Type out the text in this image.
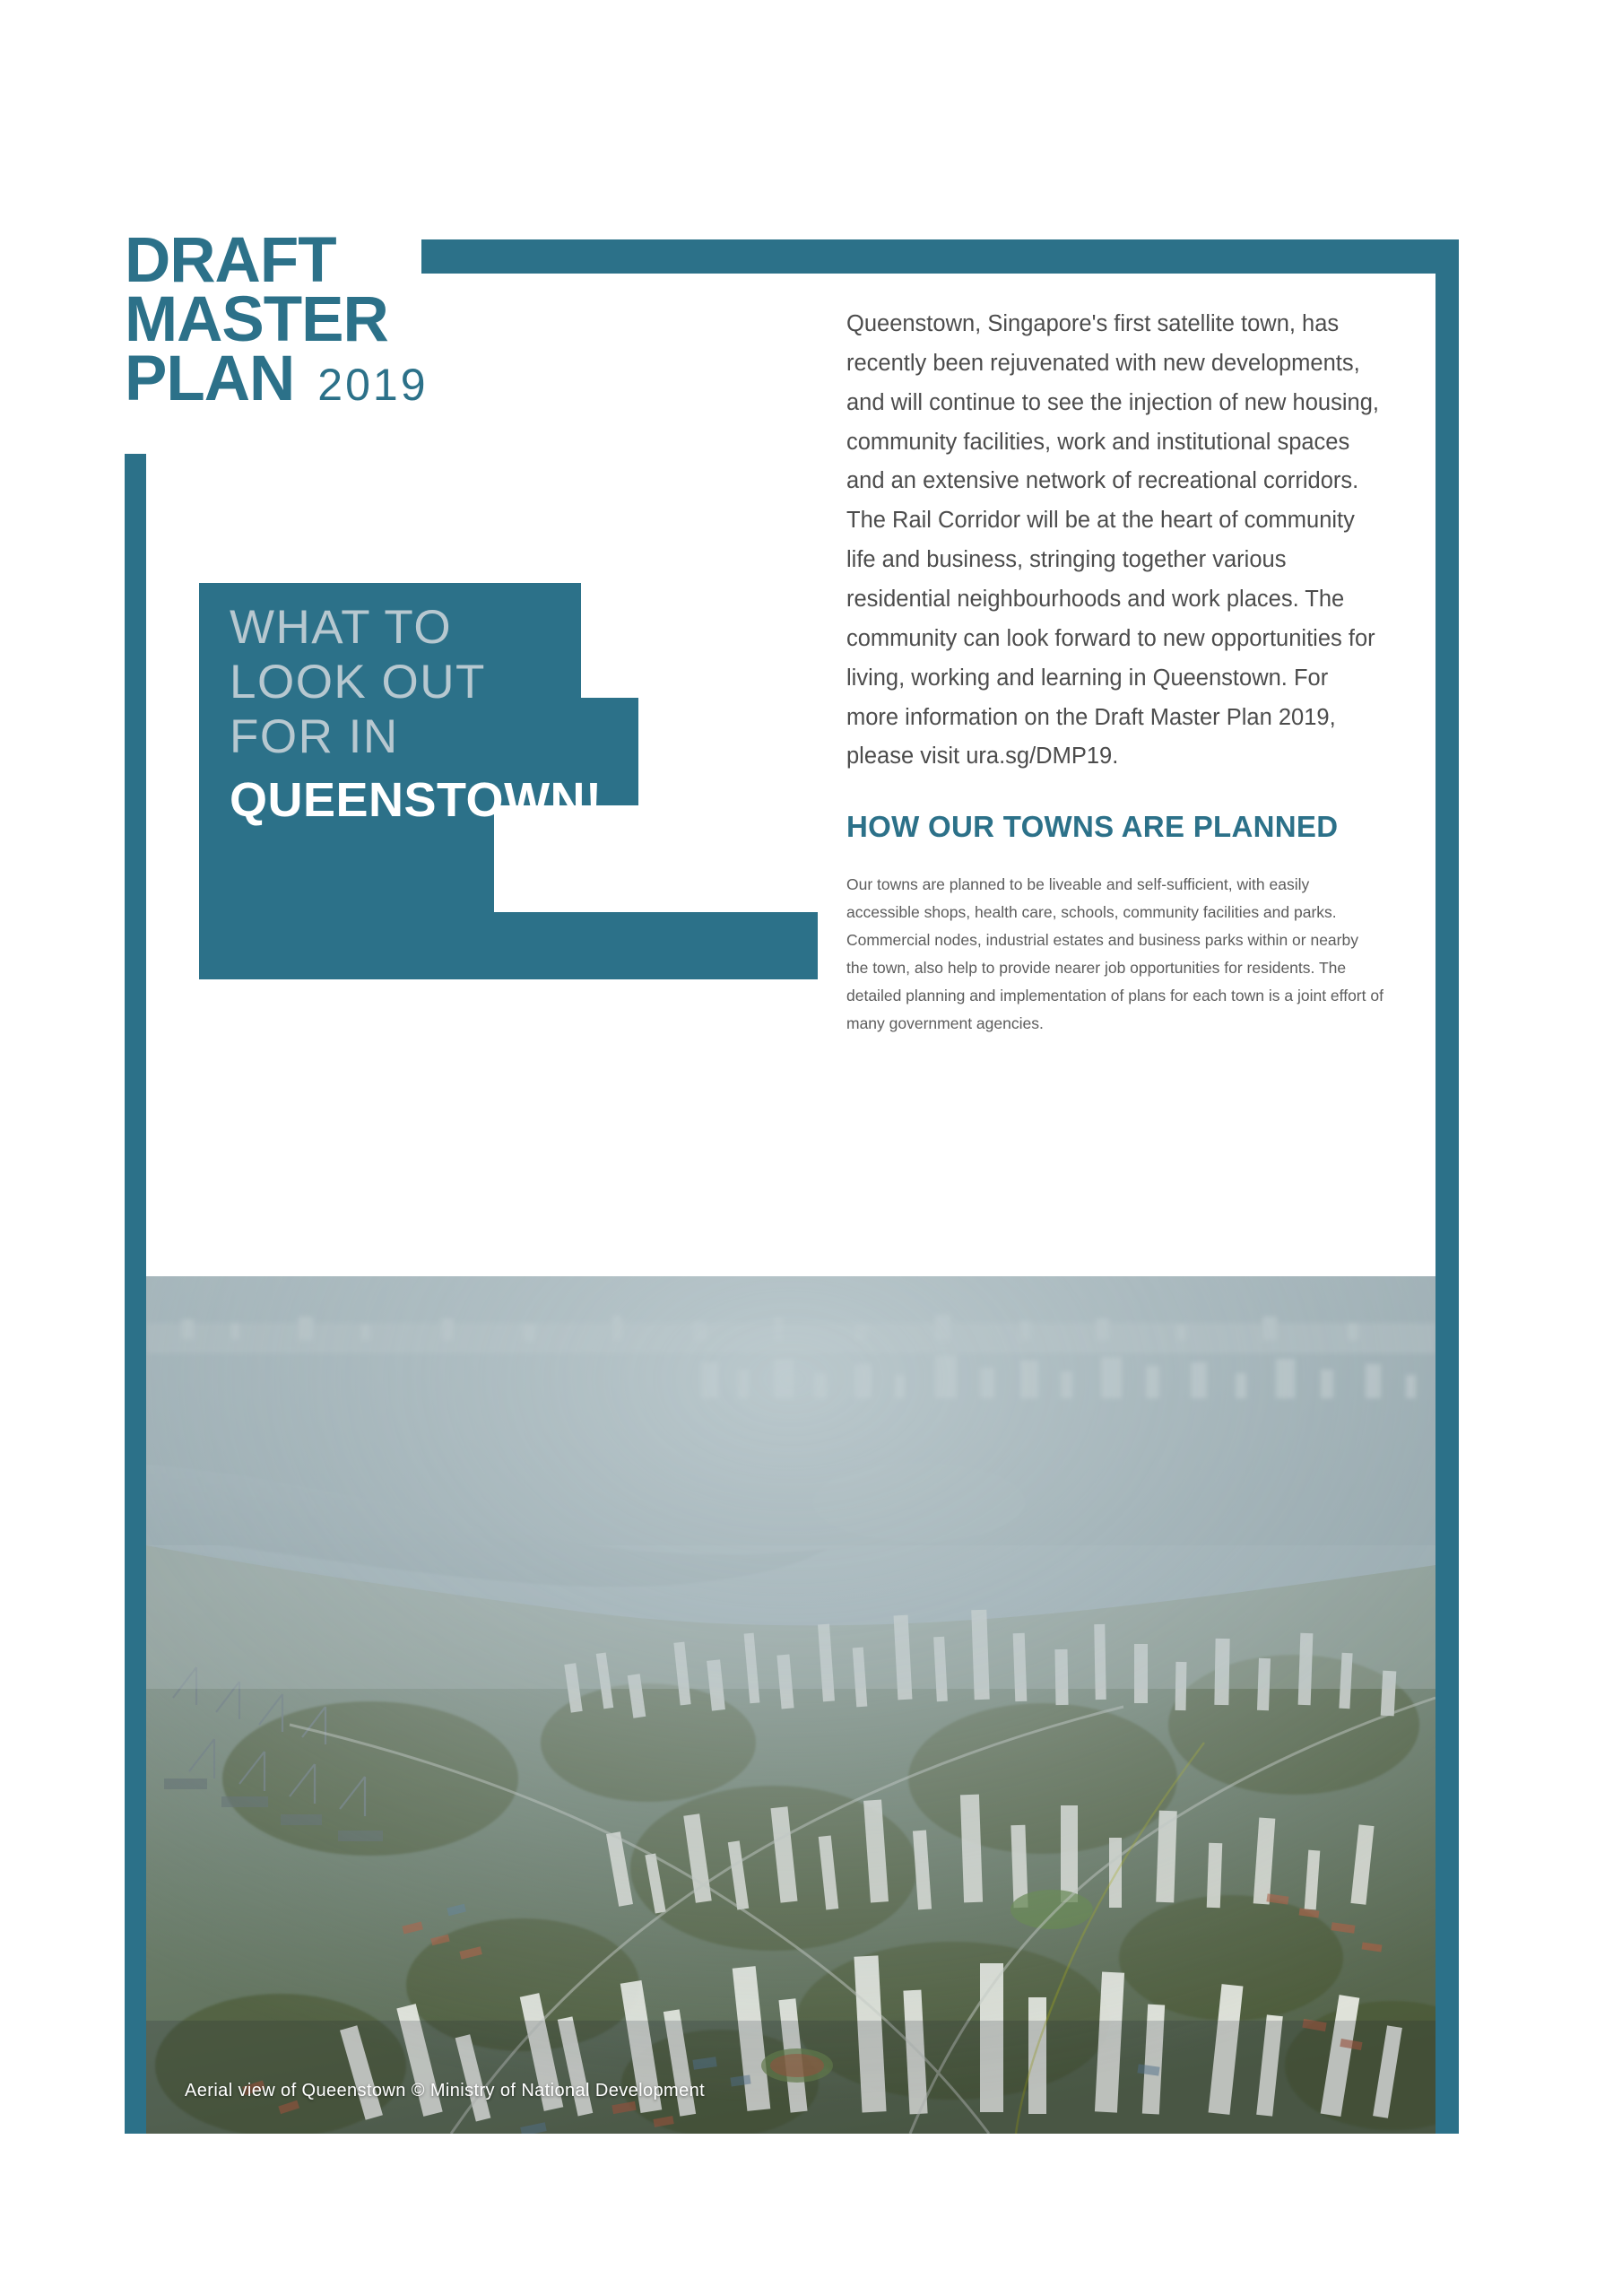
DRAFT
MASTER
PLAN 2019
WHAT TO
LOOK OUT
FOR IN
QUEENSTOWN!

Queenstown, Singapore's first satellite town, has recently been rejuvenated with new developments, and will continue to see the injection of new housing, community facilities, work and institutional spaces and an extensive network of recreational corridors. The Rail Corridor will be at the heart of community life and business, stringing together various residential neighbourhoods and work places. The community can look forward to new opportunities for living, working and learning in Queenstown. For more information on the Draft Master Plan 2019, please visit ura.sg/DMP19.

HOW OUR TOWNS ARE PLANNED

Our towns are planned to be liveable and self-sufficient, with easily accessible shops, health care, schools, community facilities and parks. Commercial nodes, industrial estates and business parks within or nearby the town, also help to provide nearer job opportunities for residents. The detailed planning and implementation of plans for each town is a joint effort of many government agencies.

Aerial view of Queenstown © Ministry of National Development
